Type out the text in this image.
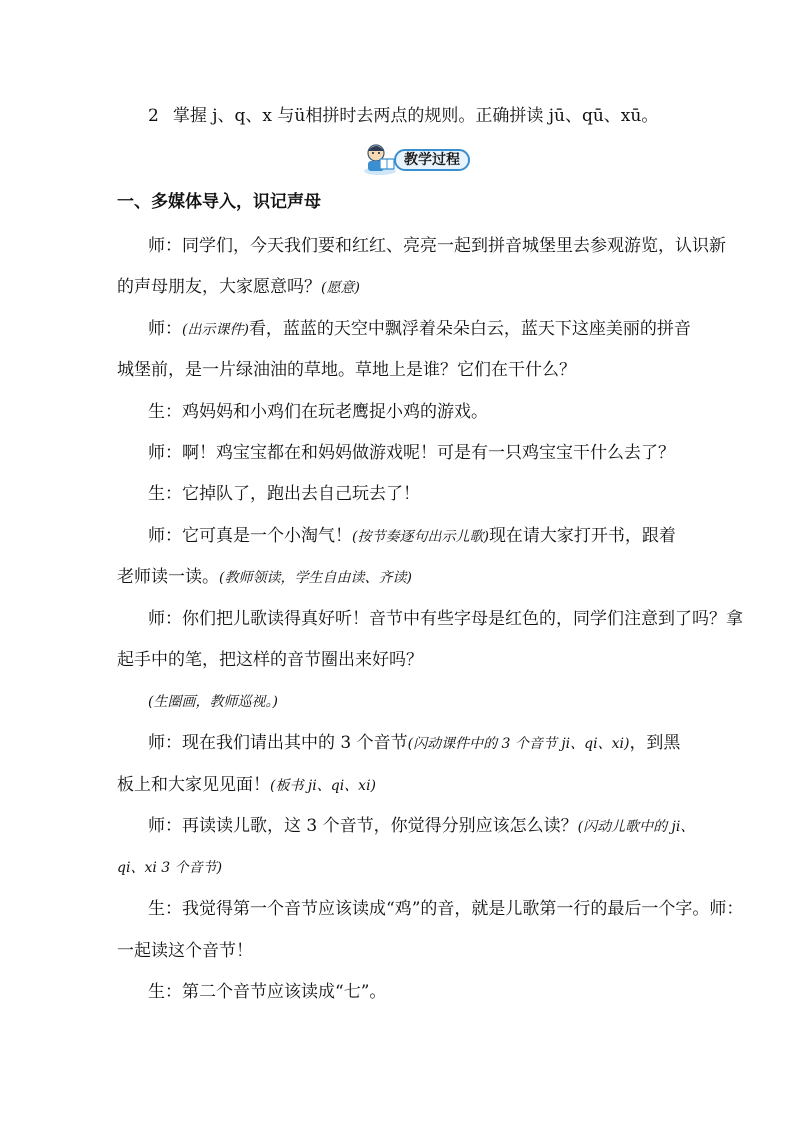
2 掌握 j、q、x 与ü相拼时去两点的规则。正确拼读 jū、qū、xū。
教学过程
一、多媒体导入，识记声母
师：同学们，今天我们要和红红、亮亮一起到拼音城堡里去参观游览，认识新
的声母朋友，大家愿意吗？(愿意)
师：(出示课件)看，蓝蓝的天空中飘浮着朵朵白云，蓝天下这座美丽的拼音
城堡前，是一片绿油油的草地。草地上是谁？它们在干什么？
生：鸡妈妈和小鸡们在玩老鹰捉小鸡的游戏。
师：啊！鸡宝宝都在和妈妈做游戏呢！可是有一只鸡宝宝干什么去了？
生：它掉队了，跑出去自己玩去了！
师：它可真是一个小淘气！(按节奏逐句出示儿歌)现在请大家打开书，跟着
老师读一读。(教师领读，学生自由读、齐读)
师：你们把儿歌读得真好听！音节中有些字母是红色的，同学们注意到了吗？拿
起手中的笔，把这样的音节圈出来好吗？
(生圈画，教师巡视。)
师：现在我们请出其中的 3 个音节(闪动课件中的 3 个音节 ji、qi、xi)，到黑
板上和大家见见面！(板书 ji、qi、xi)
师：再读读儿歌，这 3 个音节，你觉得分别应该怎么读？(闪动儿歌中的 ji、
qi、xi 3 个音节)
生：我觉得第一个音节应该读成“鸡”的音，就是儿歌第一行的最后一个字。师：
一起读这个音节！
生：第二个音节应该读成“七”。
